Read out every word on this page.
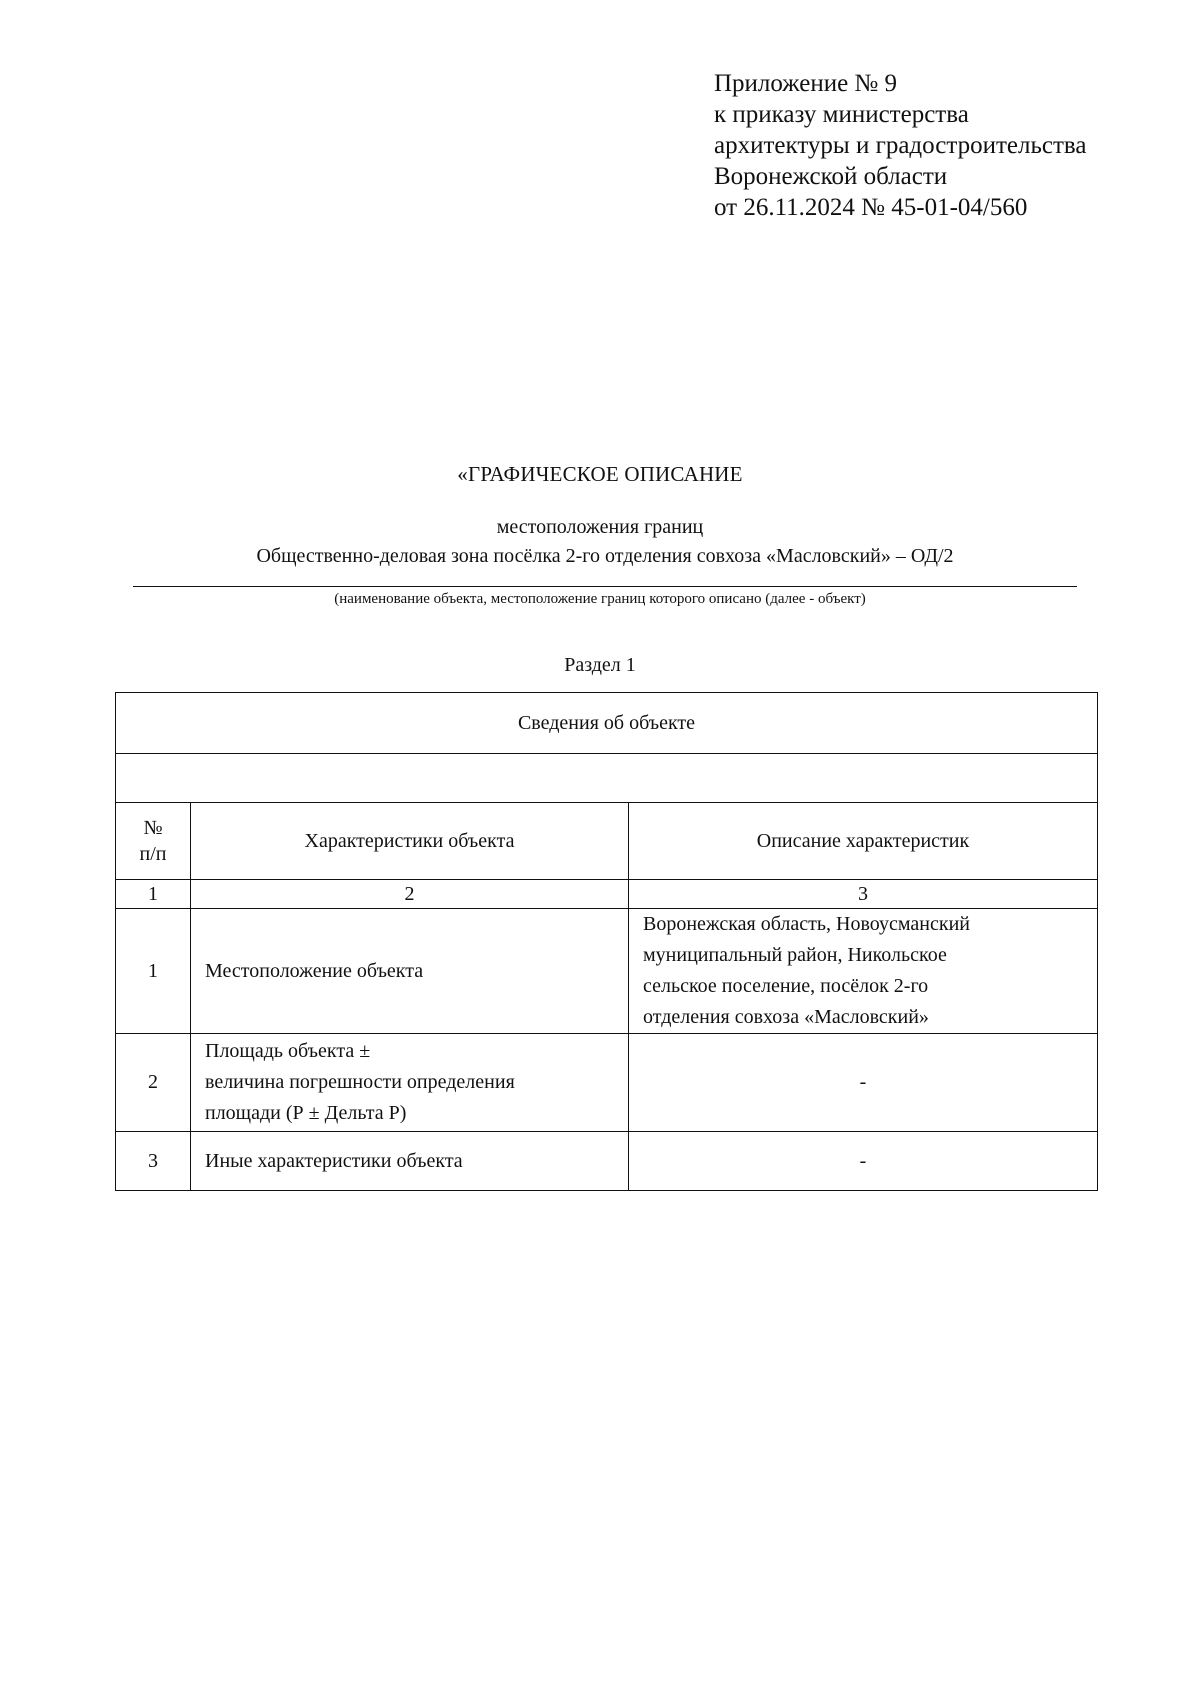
Приложение № 9
к приказу министерства
архитектуры и градостроительства
Воронежской области
от 26.11.2024 № 45-01-04/560
«ГРАФИЧЕСКОЕ ОПИСАНИЕ
местоположения границ
Общественно-деловая зона посёлка 2-го отделения совхоза «Масловский» – ОД/2
(наименование объекта, местоположение границ которого описано (далее - объект)
Раздел 1
Сведения об объекте		

№
п/п	Характеристики объекта	Описание характеристик
1	2	3
1	Местоположение объекта	Воронежская область, Новоусманский
муниципальный район, Никольское
сельское поселение, посёлок 2-го
отделения совхоза «Масловский»

2	Площадь объекта ±
величина погрешности определения
площади (Р ± Дельта Р)	-
3	Иные характеристики объекта	-
